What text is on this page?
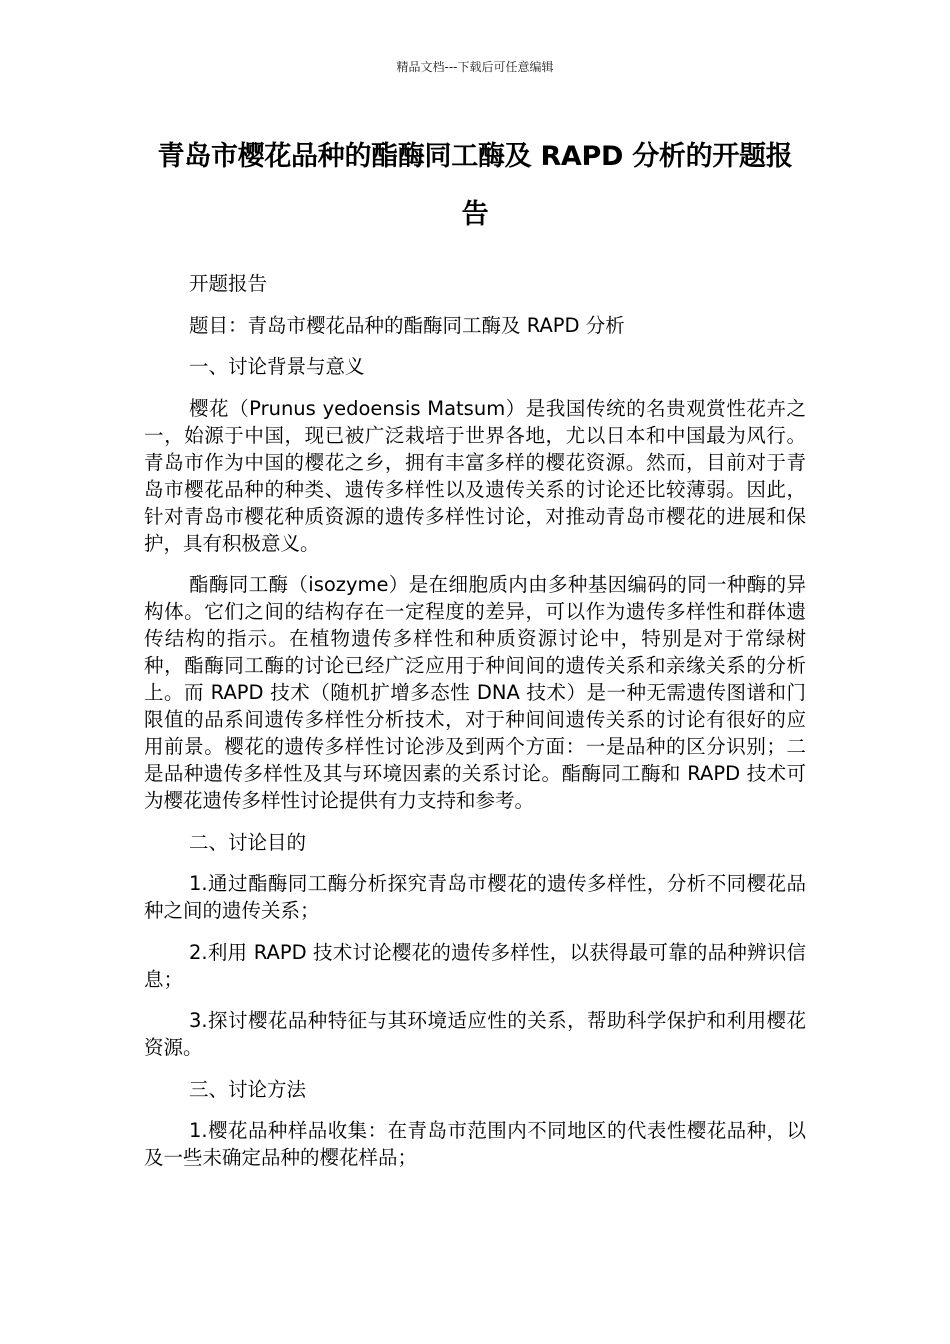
精品文档---下载后可任意编辑
青岛市樱花品种的酯酶同工酶及 RAPD 分析的开题报告

开题报告

题目：青岛市樱花品种的酯酶同工酶及 RAPD 分析

一、讨论背景与意义

樱花（Prunus yedoensis Matsum）是我国传统的名贵观赏性花卉之一，始源于中国，现已被广泛栽培于世界各地，尤以日本和中国最为风行。青岛市作为中国的樱花之乡，拥有丰富多样的樱花资源。然而，目前对于青岛市樱花品种的种类、遗传多样性以及遗传关系的讨论还比较薄弱。因此，针对青岛市樱花种质资源的遗传多样性讨论，对推动青岛市樱花的进展和保护，具有积极意义。

酯酶同工酶（isozyme）是在细胞质内由多种基因编码的同一种酶的异构体。它们之间的结构存在一定程度的差异，可以作为遗传多样性和群体遗传结构的指示。在植物遗传多样性和种质资源讨论中，特别是对于常绿树种，酯酶同工酶的讨论已经广泛应用于种间间的遗传关系和亲缘关系的分析上。而 RAPD 技术（随机扩增多态性 DNA 技术）是一种无需遗传图谱和门限值的品系间遗传多样性分析技术，对于种间间遗传关系的讨论有很好的应用前景。樱花的遗传多样性讨论涉及到两个方面：一是品种的区分识别；二是品种遗传多样性及其与环境因素的关系讨论。酯酶同工酶和 RAPD 技术可为樱花遗传多样性讨论提供有力支持和参考。

二、讨论目的

1.通过酯酶同工酶分析探究青岛市樱花的遗传多样性，分析不同樱花品种之间的遗传关系；

2.利用 RAPD 技术讨论樱花的遗传多样性，以获得最可靠的品种辨识信息；

3.探讨樱花品种特征与其环境适应性的关系，帮助科学保护和利用樱花资源。

三、讨论方法

1.樱花品种样品收集：在青岛市范围内不同地区的代表性樱花品种，以及一些未确定品种的樱花样品；
